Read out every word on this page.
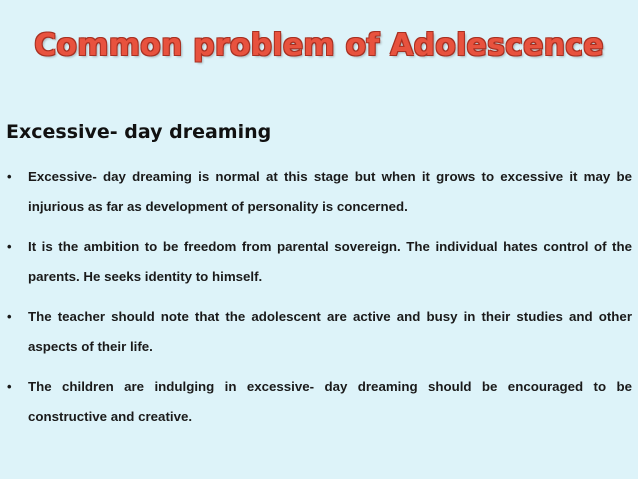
Common problem of Adolescence
Excessive- day dreaming
• Excessive- day dreaming is normal at this stage but when it grows to excessive it may be injurious as far as development of personality is concerned.
• It is the ambition to be freedom from parental sovereign. The individual hates control of the parents. He seeks identity to himself.
• The teacher should note that the adolescent are active and busy in their studies and other aspects of their life.
• The children are indulging in excessive- day dreaming should be encouraged to be constructive and creative.
